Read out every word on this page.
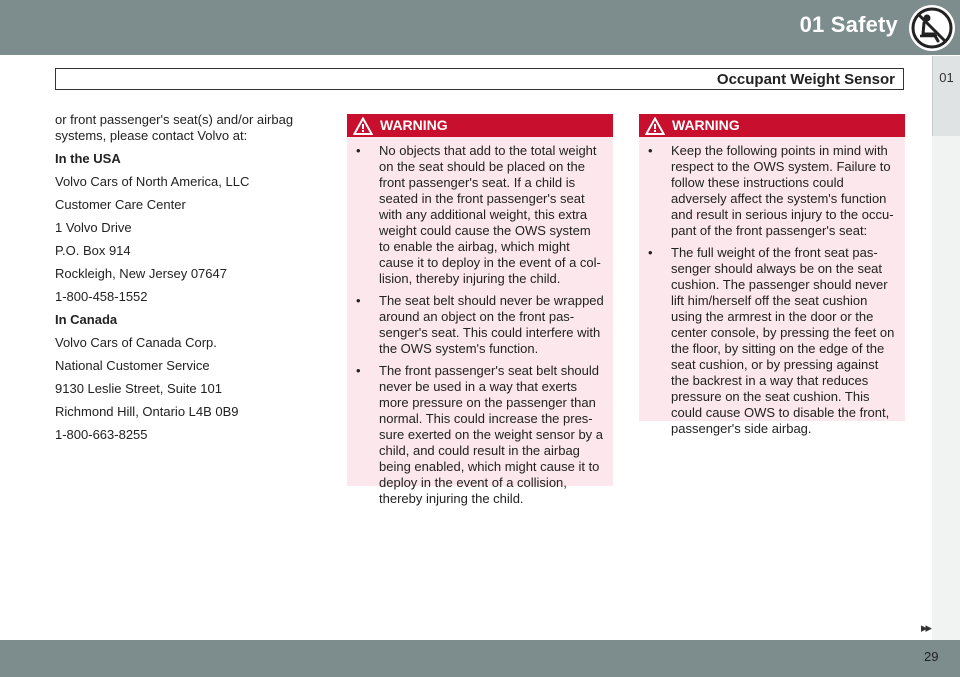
01 Safety
Occupant Weight Sensor	01

or front passenger's seat(s) and/or airbag systems, please contact Volvo at:

In the USA

Volvo Cars of North America, LLC

Customer Care Center

1 Volvo Drive

P.O. Box 914

Rockleigh, New Jersey 07647

1-800-458-1552

In Canada

Volvo Cars of Canada Corp.

National Customer Service

9130 Leslie Street, Suite 101

Richmond Hill, Ontario L4B 0B9

1-800-663-8255

WARNING
• No objects that add to the total weight on the seat should be placed on the front passenger's seat. If a child is seated in the front passenger's seat with any additional weight, this extra weight could cause the OWS system to enable the airbag, which might cause it to deploy in the event of a col-lision, thereby injuring the child.
• The seat belt should never be wrapped around an object on the front pas-senger's seat. This could interfere with the OWS system's function.
• The front passenger's seat belt should never be used in a way that exerts more pressure on the passenger than normal. This could increase the pres-sure exerted on the weight sensor by a child, and could result in the airbag being enabled, which might cause it to deploy in the event of a collision, thereby injuring the child.
WARNING
• Keep the following points in mind with respect to the OWS system. Failure to follow these instructions could adversely affect the system's function and result in serious injury to the occu-pant of the front passenger's seat:
• The full weight of the front seat pas-senger should always be on the seat cushion. The passenger should never lift him/herself off the seat cushion using the armrest in the door or the center console, by pressing the feet on the floor, by sitting on the edge of the seat cushion, or by pressing against the backrest in a way that reduces pressure on the seat cushion. This could cause OWS to disable the front, passenger's side airbag.
▸▸
29
